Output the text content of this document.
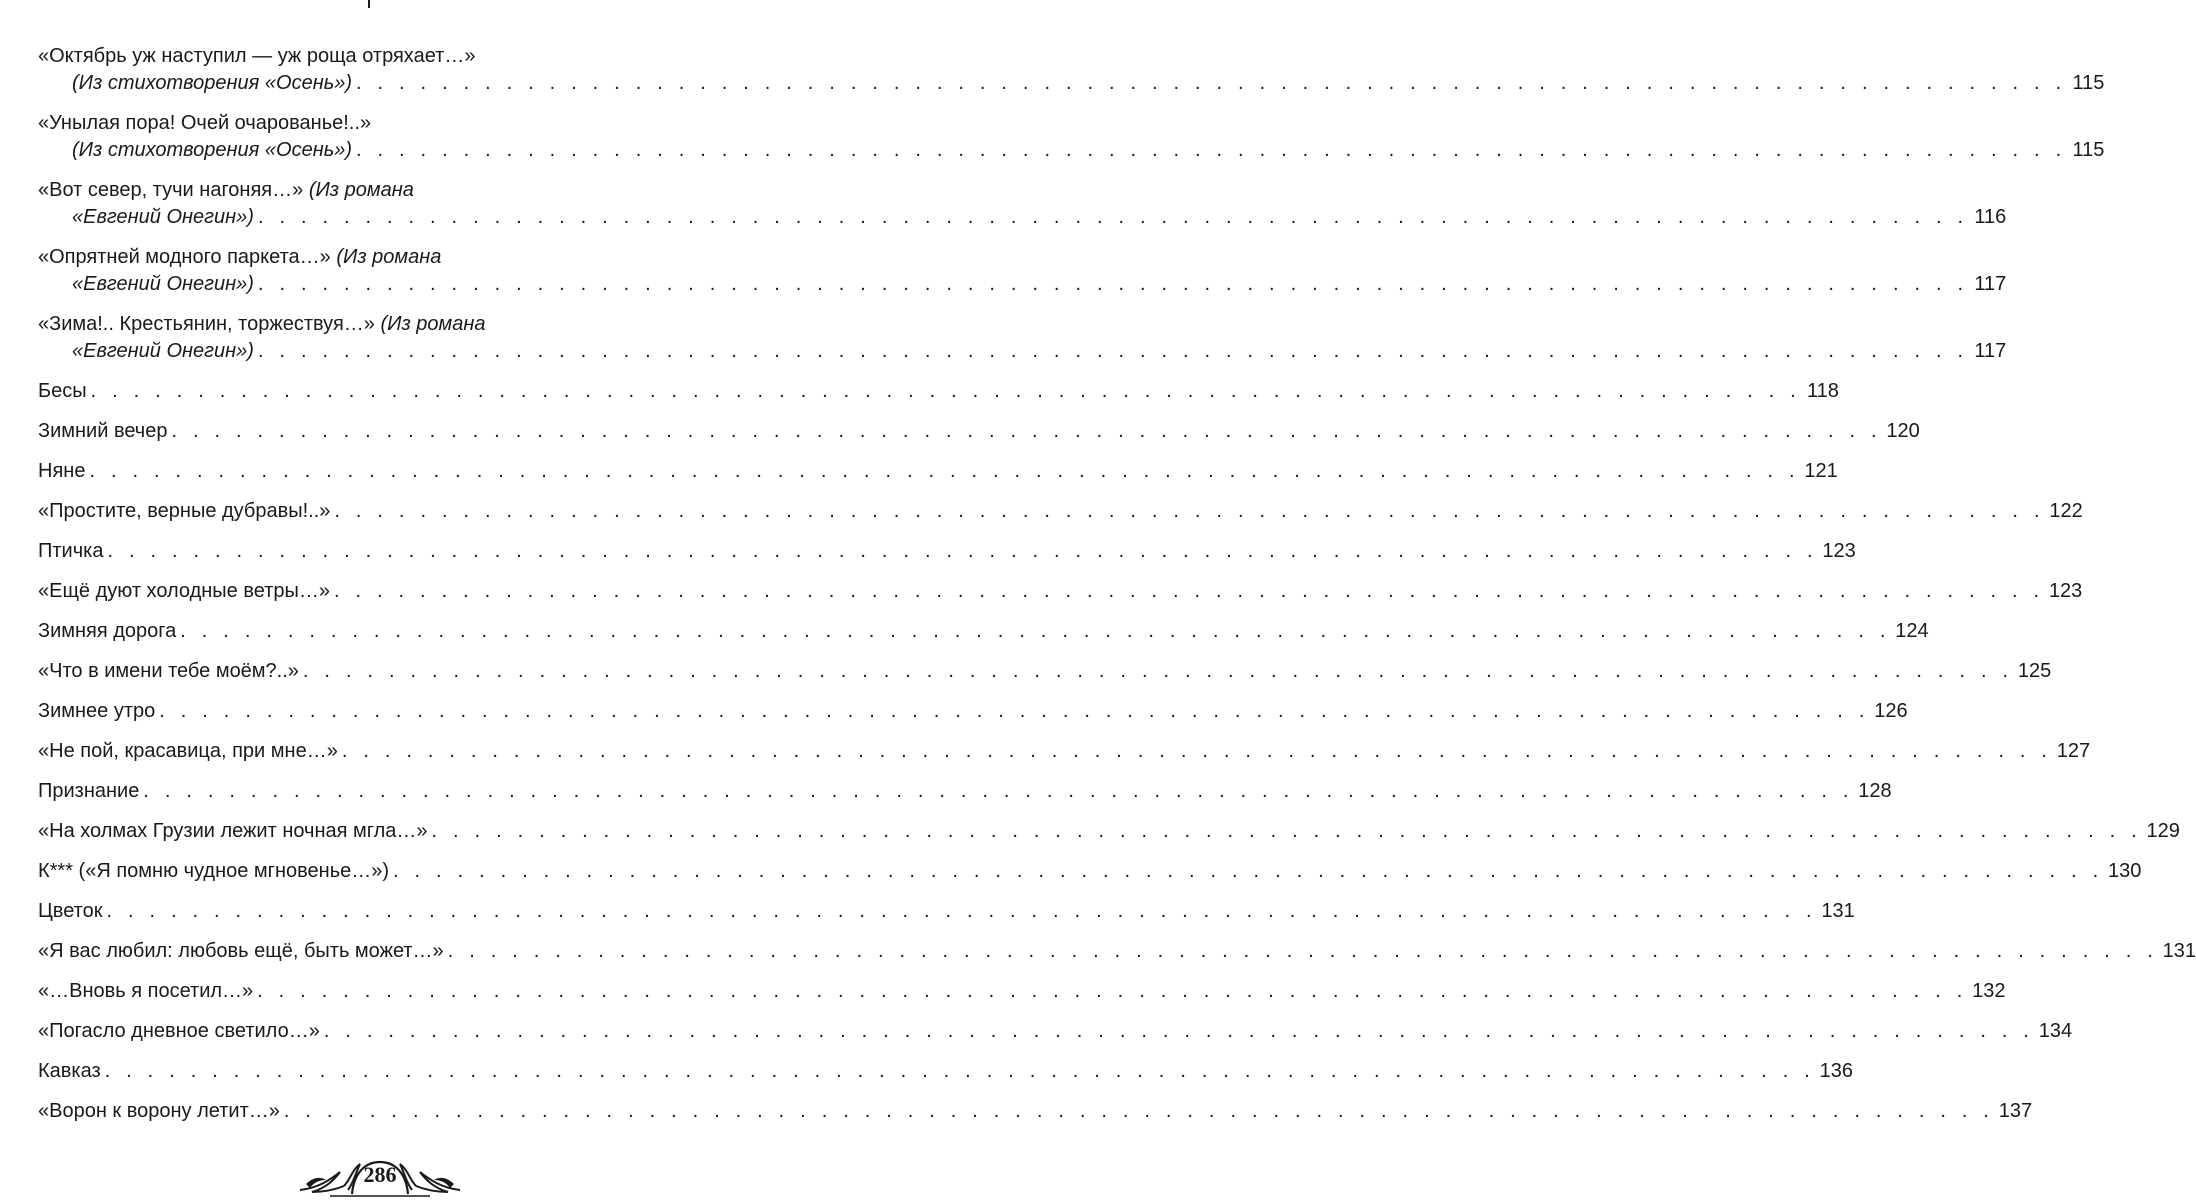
«Октябрь уж наступил — уж роща отряхает…»
(Из стихотворения «Осень») . . . . . . . . . . . . . . . . . . . . . . . . . . . . . . . . . . . . . . . . . . . . . . . . . . . . . . . . . . . . . . . . . . . . . . . . . . . . . . . . 115
«Унылая пора! Очей очарованье!..»
(Из стихотворения «Осень») . . . . . . . . . . . . . . . . . . . . . . . . . . . . . . . . . . . . . . . . . . . . . . . . . . . . . . . . . . . . . . . . . . . . . . . . . . . . . . . . 115
«Вот север, тучи нагоняя…» (Из романа
«Евгений Онегин») . . . . . . . . . . . . . . . . . . . . . . . . . . . . . . . . . . . . . . . . . . . . . . . . . . . . . . . . . . . . . . . . . . . . . . . . . . . . . . . . 116
«Опрятней модного паркета…» (Из романа
«Евгений Онегин») . . . . . . . . . . . . . . . . . . . . . . . . . . . . . . . . . . . . . . . . . . . . . . . . . . . . . . . . . . . . . . . . . . . . . . . . . . . . . . . . 117
«Зима!.. Крестьянин, торжествуя…» (Из романа
«Евгений Онегин») . . . . . . . . . . . . . . . . . . . . . . . . . . . . . . . . . . . . . . . . . . . . . . . . . . . . . . . . . . . . . . . . . . . . . . . . . . . . . . . . 117
Бесы . . . . . . . . . . . . . . . . . . . . . . . . . . . . . . . . . . . . . . . . . . . . . . . . . . . . . . . . . . . . . . . . . . . . . . . . . . . . . . . . 118
Зимний вечер . . . . . . . . . . . . . . . . . . . . . . . . . . . . . . . . . . . . . . . . . . . . . . . . . . . . . . . . . . . . . . . . . . . . . . . . . . . . . . . . 120
Няне . . . . . . . . . . . . . . . . . . . . . . . . . . . . . . . . . . . . . . . . . . . . . . . . . . . . . . . . . . . . . . . . . . . . . . . . . . . . . . . . 121
«Простите, верные дубравы!..» . . . . . . . . . . . . . . . . . . . . . . . . . . . . . . . . . . . . . . . . . . . . . . . . . . . . . . . . . . . . . . . . . . . . . . . . . . . . . . . . 122
Птичка . . . . . . . . . . . . . . . . . . . . . . . . . . . . . . . . . . . . . . . . . . . . . . . . . . . . . . . . . . . . . . . . . . . . . . . . . . . . . . . . 123
«Ещё дуют холодные ветры…» . . . . . . . . . . . . . . . . . . . . . . . . . . . . . . . . . . . . . . . . . . . . . . . . . . . . . . . . . . . . . . . . . . . . . . . . . . . . . . . . 123
Зимняя дорога . . . . . . . . . . . . . . . . . . . . . . . . . . . . . . . . . . . . . . . . . . . . . . . . . . . . . . . . . . . . . . . . . . . . . . . . . . . . . . . . 124
«Что в имени тебе моём?..» . . . . . . . . . . . . . . . . . . . . . . . . . . . . . . . . . . . . . . . . . . . . . . . . . . . . . . . . . . . . . . . . . . . . . . . . . . . . . . . . 125
Зимнее утро . . . . . . . . . . . . . . . . . . . . . . . . . . . . . . . . . . . . . . . . . . . . . . . . . . . . . . . . . . . . . . . . . . . . . . . . . . . . . . . . 126
«Не пой, красавица, при мне…» . . . . . . . . . . . . . . . . . . . . . . . . . . . . . . . . . . . . . . . . . . . . . . . . . . . . . . . . . . . . . . . . . . . . . . . . . . . . . . . . 127
Признание . . . . . . . . . . . . . . . . . . . . . . . . . . . . . . . . . . . . . . . . . . . . . . . . . . . . . . . . . . . . . . . . . . . . . . . . . . . . . . . . 128
«На холмах Грузии лежит ночная мгла…» . . . . . . . . . . . . . . . . . . . . . . . . . . . . . . . . . . . . . . . . . . . . . . . . . . . . . . . . . . . . . . . . . . . . . . . . . . . . . . . . 129
К*** («Я помню чудное мгновенье…») . . . . . . . . . . . . . . . . . . . . . . . . . . . . . . . . . . . . . . . . . . . . . . . . . . . . . . . . . . . . . . . . . . . . . . . . . . . . . . . . 130
Цветок . . . . . . . . . . . . . . . . . . . . . . . . . . . . . . . . . . . . . . . . . . . . . . . . . . . . . . . . . . . . . . . . . . . . . . . . . . . . . . . . 131
«Я вас любил: любовь ещё, быть может…» . . . . . . . . . . . . . . . . . . . . . . . . . . . . . . . . . . . . . . . . . . . . . . . . . . . . . . . . . . . . . . . . . . . . . . . . . . . . . . . . 131
«…Вновь я посетил…» . . . . . . . . . . . . . . . . . . . . . . . . . . . . . . . . . . . . . . . . . . . . . . . . . . . . . . . . . . . . . . . . . . . . . . . . . . . . . . . . 132
«Погасло дневное светило…» . . . . . . . . . . . . . . . . . . . . . . . . . . . . . . . . . . . . . . . . . . . . . . . . . . . . . . . . . . . . . . . . . . . . . . . . . . . . . . . . 134
Кавказ . . . . . . . . . . . . . . . . . . . . . . . . . . . . . . . . . . . . . . . . . . . . . . . . . . . . . . . . . . . . . . . . . . . . . . . . . . . . . . . . 136
«Ворон к ворону летит…» . . . . . . . . . . . . . . . . . . . . . . . . . . . . . . . . . . . . . . . . . . . . . . . . . . . . . . . . . . . . . . . . . . . . . . . . . . . . . . . . 137
286
